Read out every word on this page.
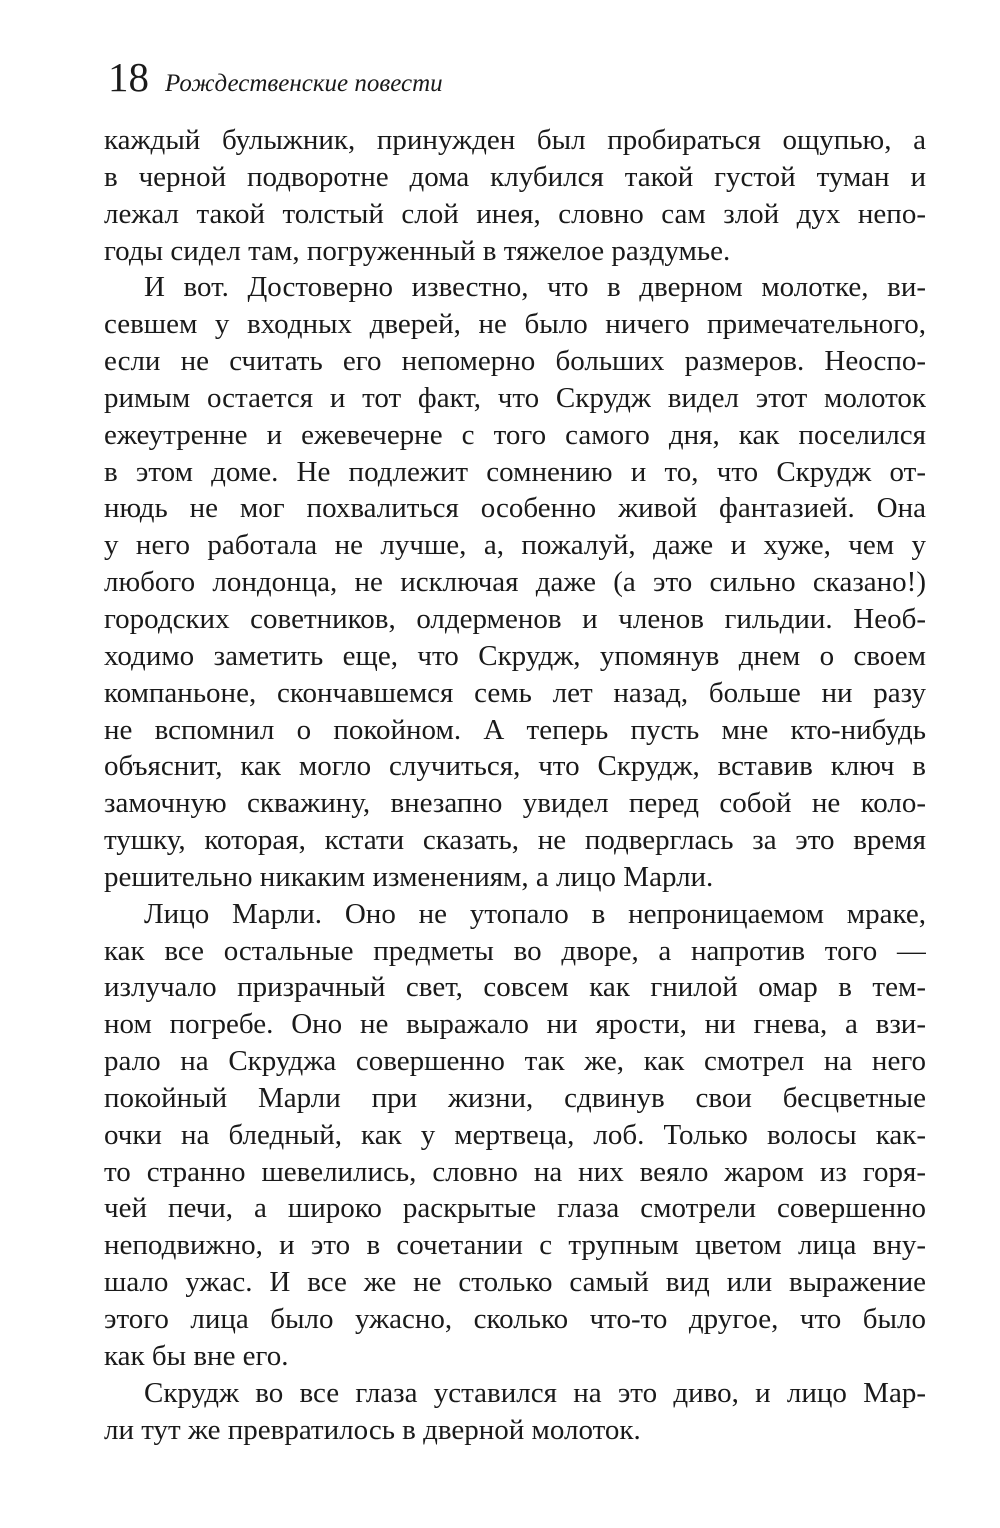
18 Рождественские повести
каждый булыжник, принужден был пробираться ощупью, а
в черной подворотне дома клубился такой густой туман и
лежал такой толстый слой инея, словно сам злой дух непо-
годы сидел там, погруженный в тяжелое раздумье.
И вот. Достоверно известно, что в дверном молотке, ви-
севшем у входных дверей, не было ничего примечательного,
если не считать его непомерно больших размеров. Неоспо-
римым остается и тот факт, что Скрудж видел этот молоток
ежеутренне и ежевечерне с того самого дня, как поселился
в этом доме. Не подлежит сомнению и то, что Скрудж от-
нюдь не мог похвалиться особенно живой фантазией. Она
у него работала не лучше, а, пожалуй, даже и хуже, чем у
любого лондонца, не исключая даже (а это сильно сказано!)
городских советников, олдерменов и членов гильдии. Необ-
ходимо заметить еще, что Скрудж, упомянув днем о своем
компаньоне, скончавшемся семь лет назад, больше ни разу
не вспомнил о покойном. А теперь пусть мне кто-нибудь
объяснит, как могло случиться, что Скрудж, вставив ключ в
замочную скважину, внезапно увидел перед собой не коло-
тушку, которая, кстати сказать, не подверглась за это время
решительно никаким изменениям, а лицо Марли.
Лицо Марли. Оно не утопало в непроницаемом мраке,
как все остальные предметы во дворе, а напротив того —
излучало призрачный свет, совсем как гнилой омар в тем-
ном погребе. Оно не выражало ни ярости, ни гнева, а взи-
рало на Скруджа совершенно так же, как смотрел на него
покойный Марли при жизни, сдвинув свои бесцветные
очки на бледный, как у мертвеца, лоб. Только волосы как-
то странно шевелились, словно на них веяло жаром из горя-
чей печи, а широко раскрытые глаза смотрели совершенно
неподвижно, и это в сочетании с трупным цветом лица вну-
шало ужас. И все же не столько самый вид или выражение
этого лица было ужасно, сколько что-то другое, что было
как бы вне его.
Скрудж во все глаза уставился на это диво, и лицо Мар-
ли тут же превратилось в дверной молоток.
